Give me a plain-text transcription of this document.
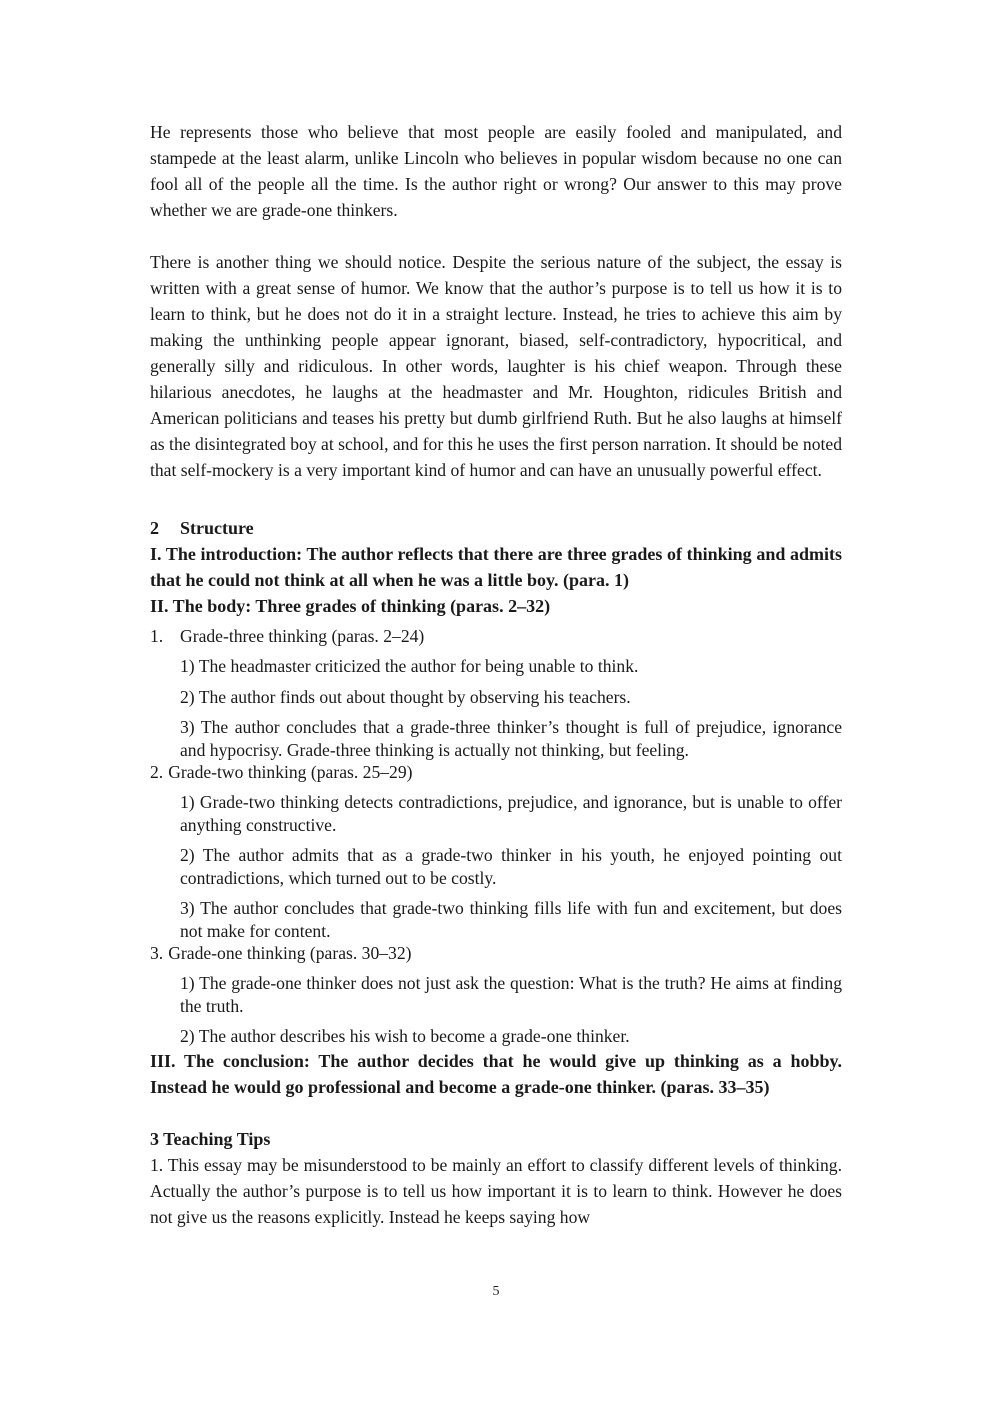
He represents those who believe that most people are easily fooled and manipulated, and stampede at the least alarm, unlike Lincoln who believes in popular wisdom because no one can fool all of the people all the time. Is the author right or wrong? Our answer to this may prove whether we are grade-one thinkers.

There is another thing we should notice. Despite the serious nature of the subject, the essay is written with a great sense of humor. We know that the author’s purpose is to tell us how it is to learn to think, but he does not do it in a straight lecture. Instead, he tries to achieve this aim by making the unthinking people appear ignorant, biased, self-contradictory, hypocritical, and generally silly and ridiculous. In other words, laughter is his chief weapon. Through these hilarious anecdotes, he laughs at the headmaster and Mr. Houghton, ridicules British and American politicians and teases his pretty but dumb girlfriend Ruth. But he also laughs at himself as the disintegrated boy at school, and for this he uses the first person narration. It should be noted that self-mockery is a very important kind of humor and can have an unusually powerful effect.

2 Structure

I. The introduction: The author reflects that there are three grades of thinking and admits that he could not think at all when he was a little boy. (para. 1)

II. The body: Three grades of thinking (paras. 2–32)

1. Grade-three thinking (paras. 2–24)

1) The headmaster criticized the author for being unable to think.

2) The author finds out about thought by observing his teachers.

3) The author concludes that a grade-three thinker’s thought is full of prejudice, ignorance and hypocrisy. Grade-three thinking is actually not thinking, but feeling.

2. Grade-two thinking (paras. 25–29)

1) Grade-two thinking detects contradictions, prejudice, and ignorance, but is unable to offer anything constructive.

2) The author admits that as a grade-two thinker in his youth, he enjoyed pointing out contradictions, which turned out to be costly.

3) The author concludes that grade-two thinking fills life with fun and excitement, but does not make for content.

3. Grade-one thinking (paras. 30–32)

1) The grade-one thinker does not just ask the question: What is the truth? He aims at finding the truth.

2) The author describes his wish to become a grade-one thinker.

III. The conclusion: The author decides that he would give up thinking as a hobby. Instead he would go professional and become a grade-one thinker. (paras. 33–35)

3 Teaching Tips

1. This essay may be misunderstood to be mainly an effort to classify different levels of thinking. Actually the author’s purpose is to tell us how important it is to learn to think. However he does not give us the reasons explicitly. Instead he keeps saying how

5
